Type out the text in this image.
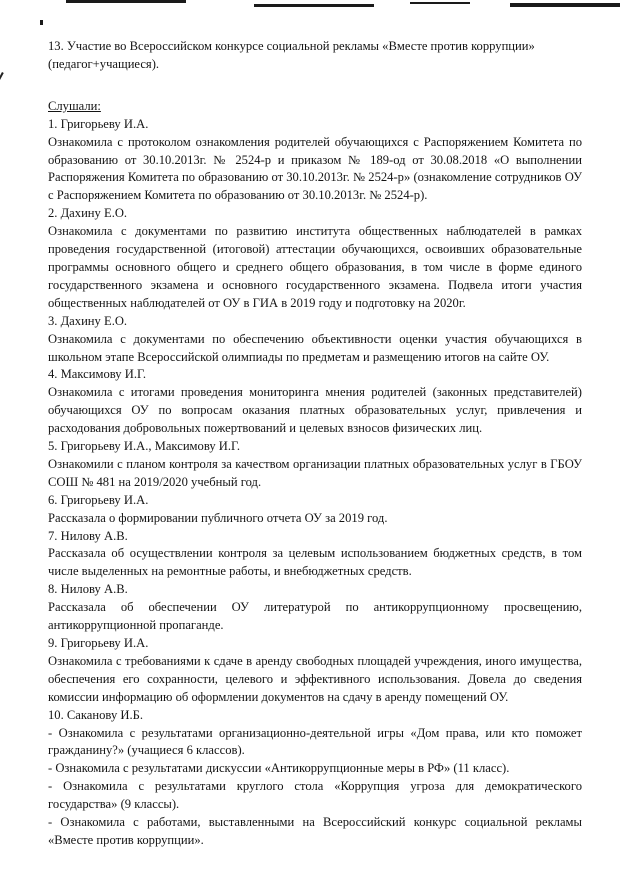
13. Участие во Всероссийском конкурсе социальной рекламы «Вместе против коррупции» (педагог+учащиеся).

Слушали:

1. Григорьеву И.А.

Ознакомила с протоколом ознакомления родителей обучающихся с Распоряжением Комитета по образованию от 30.10.2013г. № 2524-р и приказом № 189-од от 30.08.2018 «О выполнении Распоряжения Комитета по образованию от 30.10.2013г. № 2524-р» (ознакомление сотрудников ОУ с Распоряжением Комитета по образованию от 30.10.2013г. № 2524-р).

2. Дахину Е.О.

Ознакомила с документами по развитию института общественных наблюдателей в рамках проведения государственной (итоговой) аттестации обучающихся, освоивших образовательные программы основного общего и среднего общего образования, в том числе в форме единого государственного экзамена и основного государственного экзамена. Подвела итоги участия общественных наблюдателей от ОУ в ГИА в 2019 году и подготовку на 2020г.

3. Дахину Е.О.

Ознакомила с документами по обеспечению объективности оценки участия обучающихся в школьном этапе Всероссийской олимпиады по предметам и размещению итогов на сайте ОУ.

4. Максимову И.Г.

Ознакомила с итогами проведения мониторинга мнения родителей (законных представителей) обучающихся ОУ по вопросам оказания платных образовательных услуг, привлечения и расходования добровольных пожертвований и целевых взносов физических лиц.

5. Григорьеву И.А., Максимову И.Г.

Ознакомили с планом контроля за качеством организации платных образовательных услуг в ГБОУ СОШ № 481 на 2019/2020 учебный год.

6. Григорьеву И.А.

Рассказала о формировании публичного отчета ОУ за 2019 год.

7. Нилову А.В.

Рассказала об осуществлении контроля за целевым использованием бюджетных средств, в том числе выделенных на ремонтные работы, и внебюджетных средств.

8. Нилову А.В.

Рассказала об обеспечении ОУ литературой по антикоррупционному просвещению, антикоррупционной пропаганде.

9. Григорьеву И.А.

Ознакомила с требованиями к сдаче в аренду свободных площадей учреждения, иного имущества, обеспечения его сохранности, целевого и эффективного использования. Довела до сведения комиссии информацию об оформлении документов на сдачу в аренду помещений ОУ.

10. Саканову И.Б.

- Ознакомила с результатами организационно-деятельной игры «Дом права, или кто поможет гражданину?» (учащиеся 6 классов).

- Ознакомила с результатами дискуссии «Антикоррупционные меры в РФ» (11 класс).

- Ознакомила с результатами круглого стола «Коррупция угроза для демократического государства» (9 классы).

- Ознакомила с работами, выставленными на Всероссийский конкурс социальной рекламы «Вместе против коррупции».
